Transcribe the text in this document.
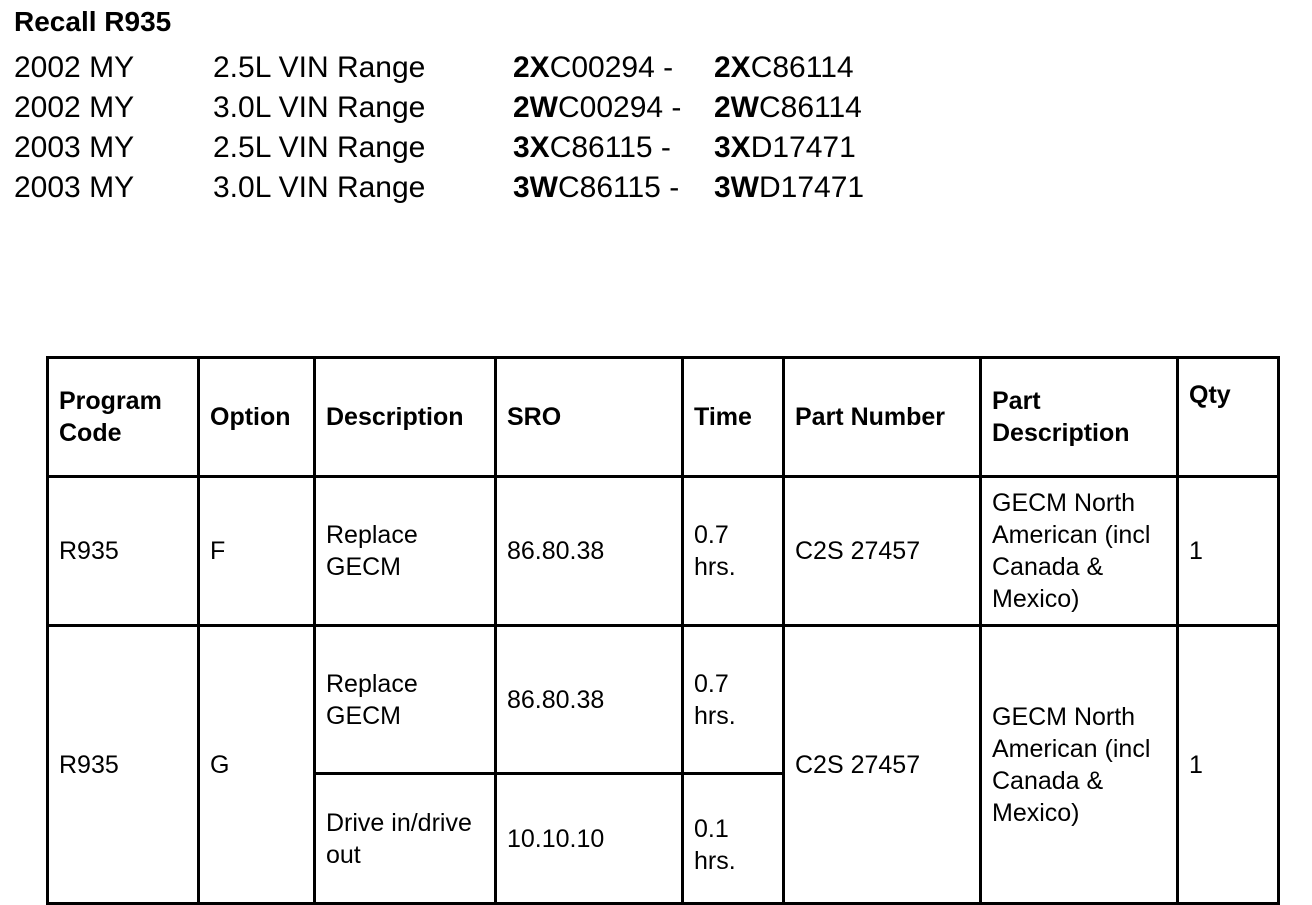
Recall R935
2002 MY	2.5L VIN Range	2XC00294 - 2XC86114
2002 MY	3.0L VIN Range	2WC00294 - 2WC86114
2003 MY	2.5L VIN Range	3XC86115 - 3XD17471
2003 MY	3.0L VIN Range	3WC86115 - 3WD17471
Program Code	Option	Description	SRO	Time	Part Number	Part Description	Qty
R935	F	Replace GECM	86.80.38	0.7 hrs.	C2S 27457	GECM North American (incl Canada & Mexico)	1
R935	G	Replace GECM	86.80.38	0.7 hrs.	C2S 27457	GECM North American (incl Canada & Mexico)	1
		Drive in/drive out	10.10.10	0.1 hrs.			
